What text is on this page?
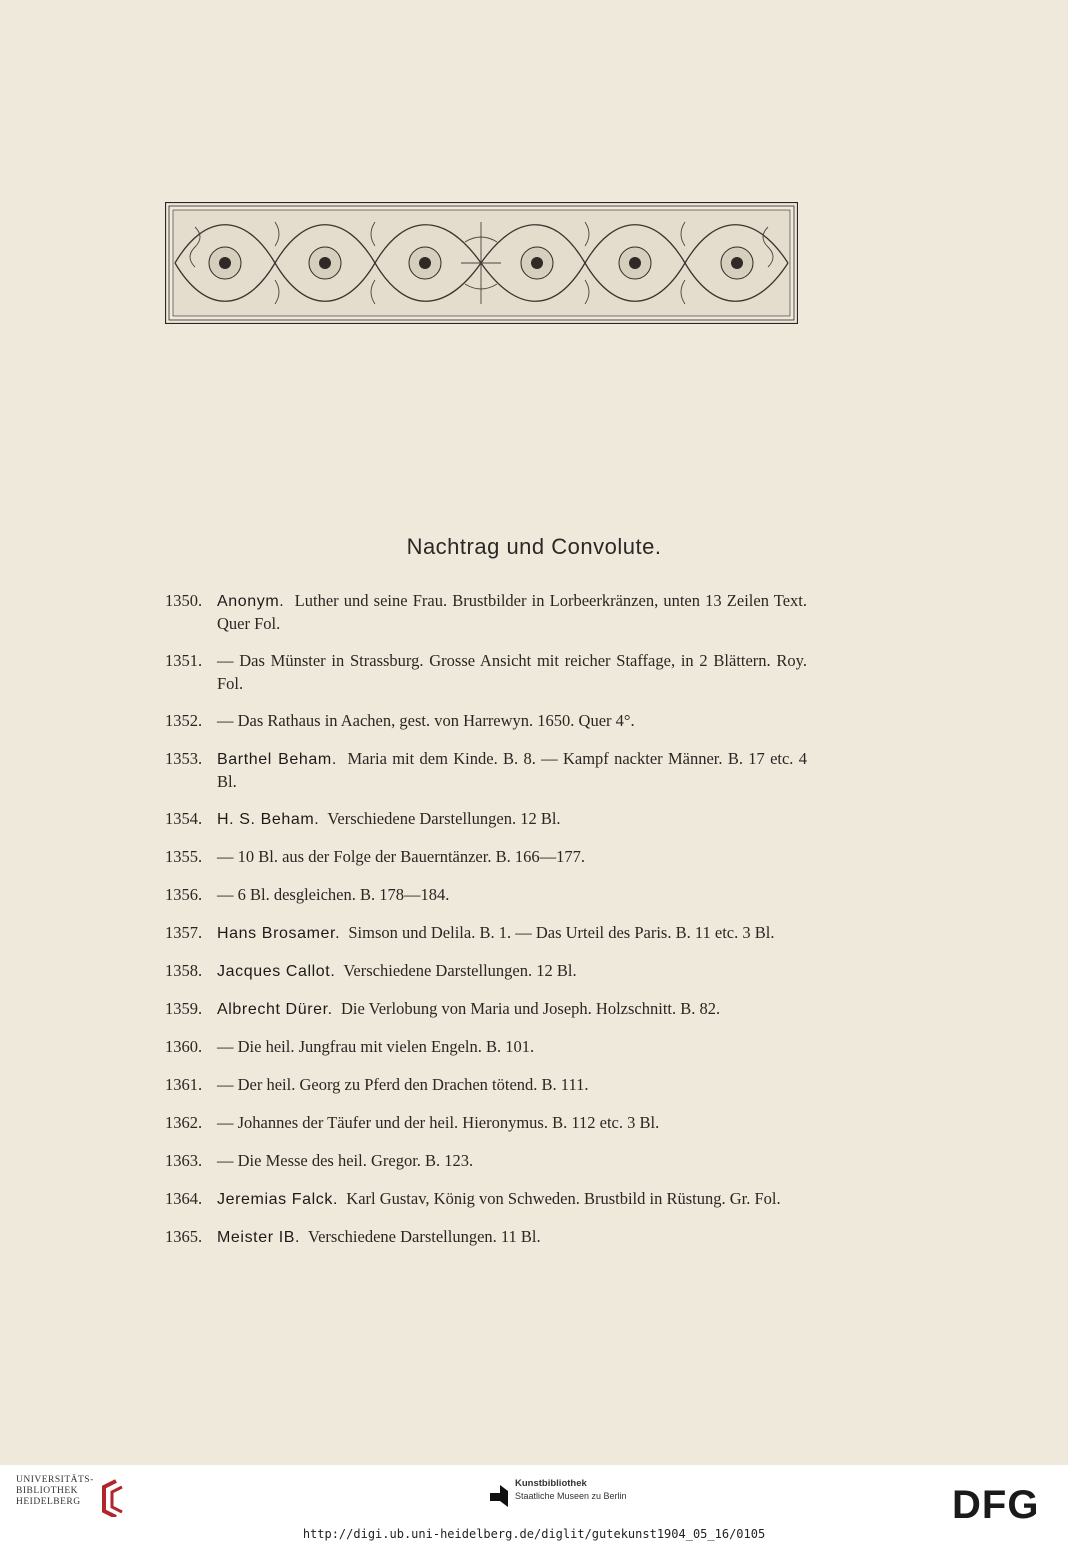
Nachtrag und Convolute.
1350. Anonym. Luther und seine Frau. Brustbilder in Lorbeerkränzen, unten 13 Zeilen Text. Quer Fol.
1351. — Das Münster in Strassburg. Grosse Ansicht mit reicher Staffage, in 2 Blättern. Roy. Fol.
1352. — Das Rathaus in Aachen, gest. von Harrewyn. 1650. Quer 4°.
1353. Barthel Beham. Maria mit dem Kinde. B. 8. — Kampf nackter Männer. B. 17 etc. 4 Bl.
1354. H. S. Beham. Verschiedene Darstellungen. 12 Bl.
1355. — 10 Bl. aus der Folge der Bauerntänzer. B. 166—177.
1356. — 6 Bl. desgleichen. B. 178—184.
1357. Hans Brosamer. Simson und Delila. B. 1. — Das Urteil des Paris. B. 11 etc. 3 Bl.
1358. Jacques Callot. Verschiedene Darstellungen. 12 Bl.
1359. Albrecht Dürer. Die Verlobung von Maria und Joseph. Holzschnitt. B. 82.
1360. — Die heil. Jungfrau mit vielen Engeln. B. 101.
1361. — Der heil. Georg zu Pferd den Drachen tötend. B. 111.
1362. — Johannes der Täufer und der heil. Hieronymus. B. 112 etc. 3 Bl.
1363. — Die Messe des heil. Gregor. B. 123.
1364. Jeremias Falck. Karl Gustav, König von Schweden. Brustbild in Rüstung. Gr. Fol.
1365. Meister IB. Verschiedene Darstellungen. 11 Bl.
UNIVERSITÄTS-
BIBLIOTHEK
HEIDELBERG
Kunstbibliothek
Staatliche Museen zu Berlin	DFG
http://digi.ub.uni-heidelberg.de/diglit/gutekunst1904_05_16/0105
